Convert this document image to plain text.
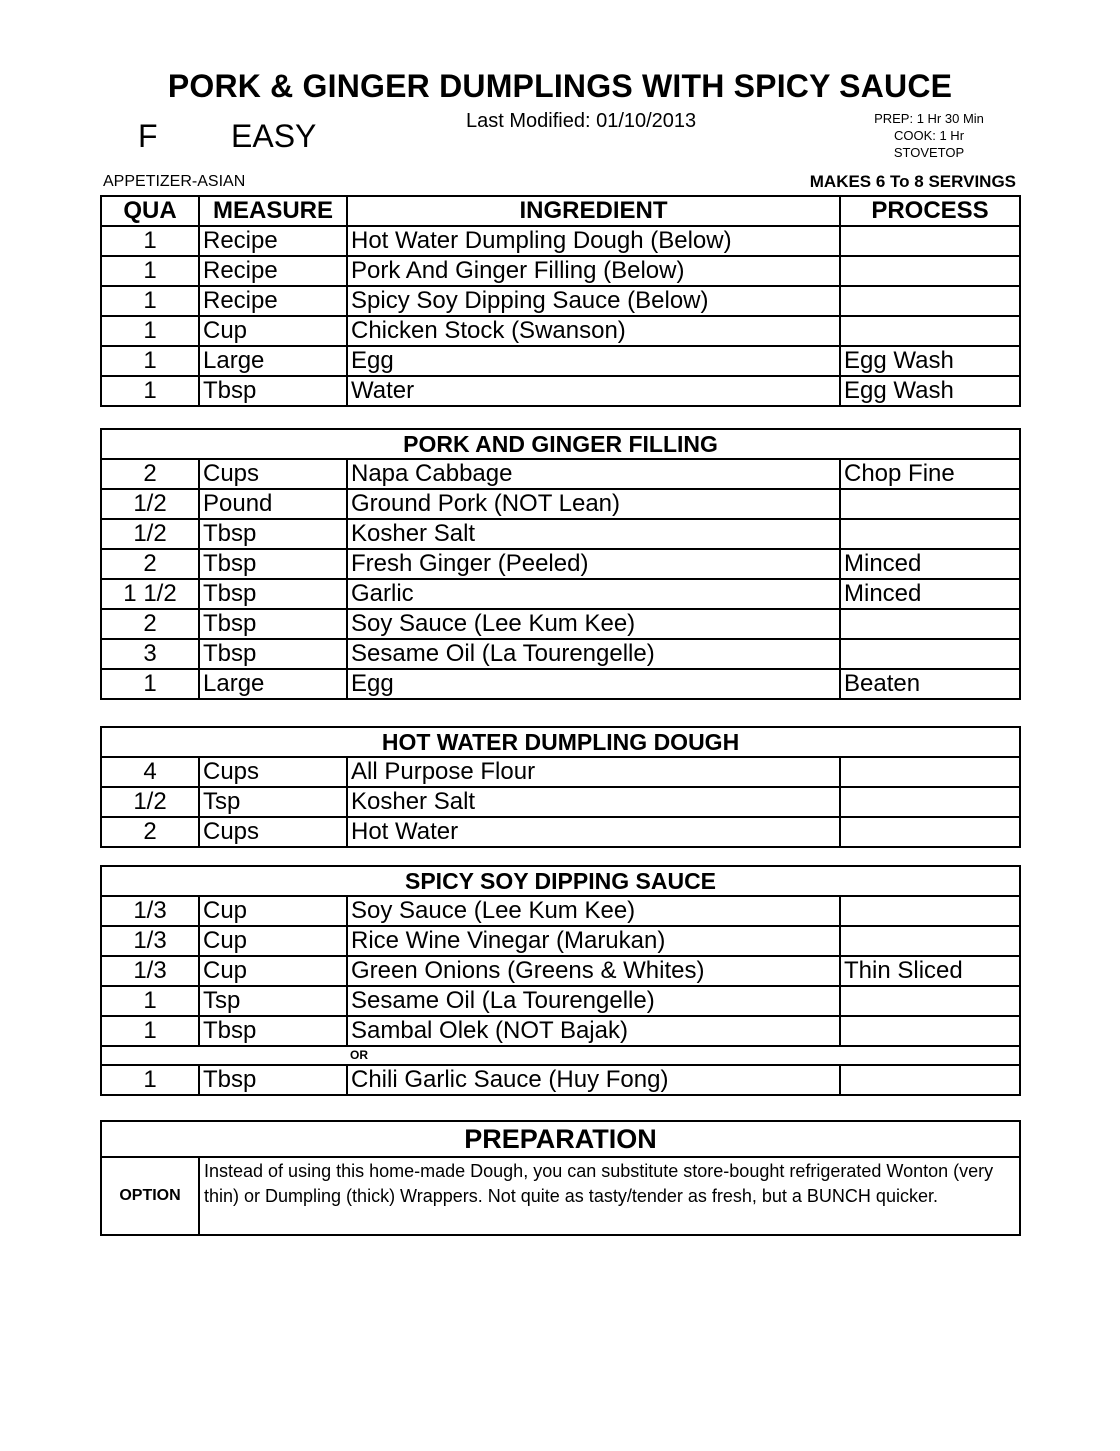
PORK & GINGER DUMPLINGS WITH SPICY SAUCE
F EASY	Last Modified: 01/10/2013	PREP: 1 Hr 30 Min
COOK: 1 Hr
STOVETOP
APPETIZER-ASIAN	MAKES 6 To 8 SERVINGS
QUA	MEASURE	INGREDIENT	PROCESS
1	Recipe	Hot Water Dumpling Dough (Below)	
1	Recipe	Pork And Ginger Filling (Below)	
1	Recipe	Spicy Soy Dipping Sauce (Below)	
1	Cup	Chicken Stock (Swanson)	
1	Large	Egg	Egg Wash
1	Tbsp	Water	Egg Wash
PORK AND GINGER FILLING			
2	Cups	Napa Cabbage	Chop Fine
1/2	Pound	Ground Pork (NOT Lean)	
1/2	Tbsp	Kosher Salt	
2	Tbsp	Fresh Ginger (Peeled)	Minced
1 1/2	Tbsp	Garlic	Minced
2	Tbsp	Soy Sauce (Lee Kum Kee)	
3	Tbsp	Sesame Oil (La Tourengelle)	
1	Large	Egg	Beaten
HOT WATER DUMPLING DOUGH			
4	Cups	All Purpose Flour	
1/2	Tsp	Kosher Salt	
2	Cups	Hot Water	
SPICY SOY DIPPING SAUCE			
1/3	Cup	Soy Sauce (Lee Kum Kee)	
1/3	Cup	Rice Wine Vinegar (Marukan)	
1/3	Cup	Green Onions (Greens & Whites)	Thin Sliced
1	Tsp	Sesame Oil (La Tourengelle)	
1	Tbsp	Sambal Olek (NOT Bajak)	
		OR	
1	Tbsp	Chili Garlic Sauce (Huy Fong)	
PREPARATION
OPTION	Instead of using this home-made Dough, you can substitute store-bought refrigerated Wonton (very thin) or Dumpling (thick) Wrappers. Not quite as tasty/tender as fresh, but a BUNCH quicker.
